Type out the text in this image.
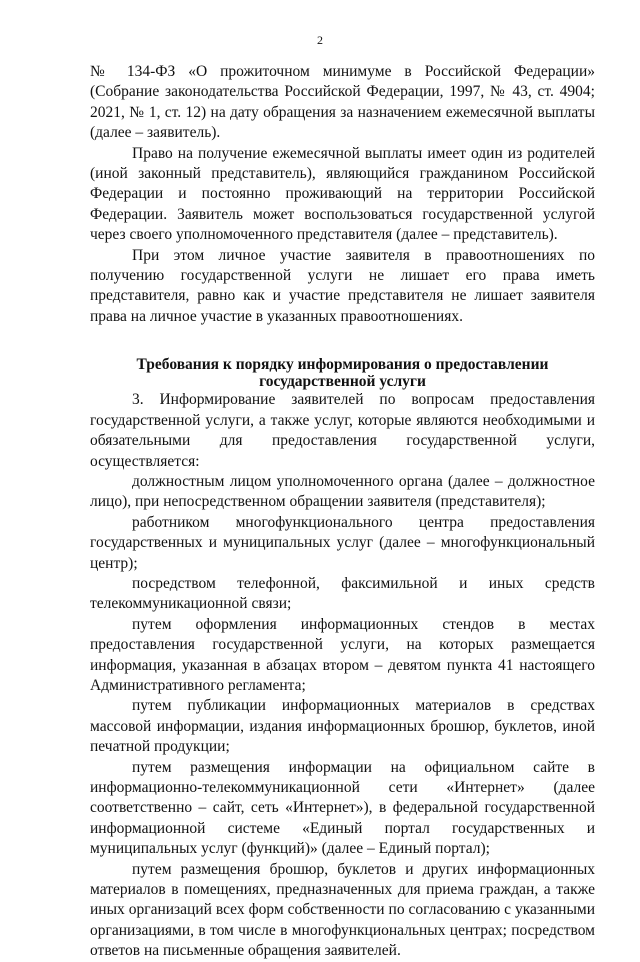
2

№ 134-ФЗ «О прожиточном минимуме в Российской Федерации» (Собрание законодательства Российской Федерации, 1997, № 43, ст. 4904; 2021, № 1, ст. 12) на дату обращения за назначением ежемесячной выплаты (далее – заявитель).

Право на получение ежемесячной выплаты имеет один из родителей (иной законный представитель), являющийся гражданином Российской Федерации и постоянно проживающий на территории Российской Федерации. Заявитель может воспользоваться государственной услугой через своего уполномоченного представителя (далее – представитель).

При этом личное участие заявителя в правоотношениях по получению государственной услуги не лишает его права иметь представителя, равно как и участие представителя не лишает заявителя права на личное участие в указанных правоотношениях.

Требования к порядку информирования о предоставлении государственной услуги

3. Информирование заявителей по вопросам предоставления государственной услуги, а также услуг, которые являются необходимыми и обязательными для предоставления государственной услуги, осуществляется:

должностным лицом уполномоченного органа (далее – должностное лицо), при непосредственном обращении заявителя (представителя);

работником многофункционального центра предоставления государственных и муниципальных услуг (далее – многофункциональный центр);

посредством телефонной, факсимильной и иных средств телекоммуникационной связи;

путем оформления информационных стендов в местах предоставления государственной услуги, на которых размещается информация, указанная в абзацах втором – девятом пункта 41 настоящего Административного регламента;

путем публикации информационных материалов в средствах массовой информации, издания информационных брошюр, буклетов, иной печатной продукции;

путем размещения информации на официальном сайте в информационно-телекоммуникационной сети «Интернет» (далее соответственно – сайт, сеть «Интернет»), в федеральной государственной информационной системе «Единый портал государственных и муниципальных услуг (функций)» (далее – Единый портал);

путем размещения брошюр, буклетов и других информационных материалов в помещениях, предназначенных для приема граждан, а также иных организаций всех форм собственности по согласованию с указанными организациями, в том числе в многофункциональных центрах; посредством ответов на письменные обращения заявителей.
